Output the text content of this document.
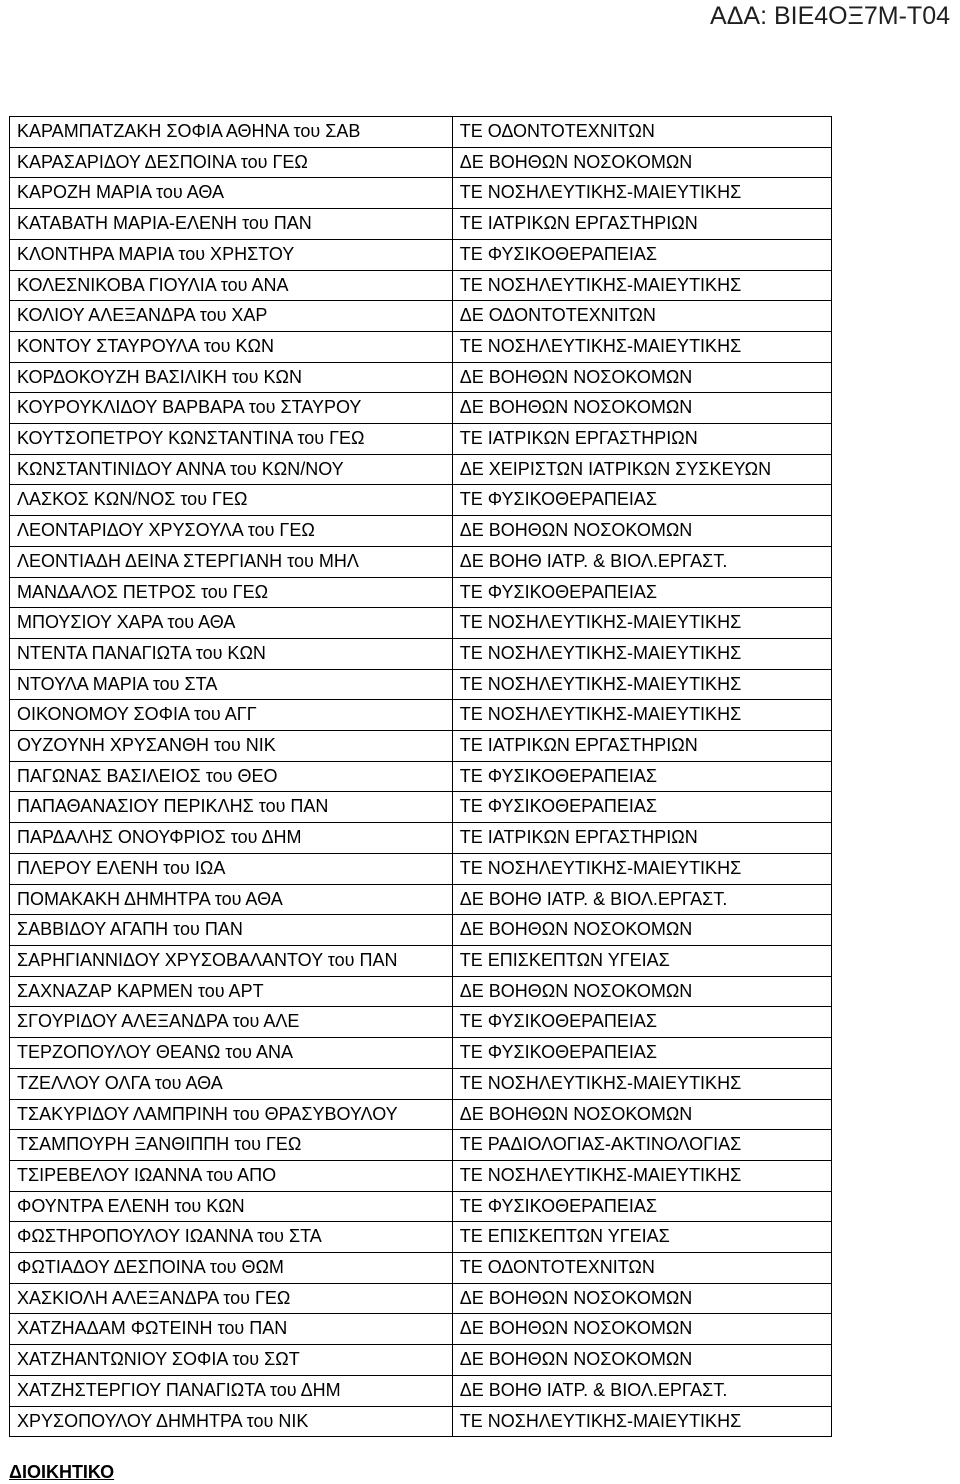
ΑΔΑ: ΒΙΕ4ΟΞ7Μ-Τ04
ΚΑΡΑΜΠΑΤΖΑΚΗ ΣΟΦΙΑ ΑΘΗΝΑ του ΣΑΒ	ΤΕ ΟΔΟΝΤΟΤΕΧΝΙΤΩΝ
ΚΑΡΑΣΑΡΙΔΟΥ ΔΕΣΠΟΙΝΑ του ΓΕΩ	ΔΕ ΒΟΗΘΩΝ ΝΟΣΟΚΟΜΩΝ
ΚΑΡΟΖΗ ΜΑΡΙΑ του ΑΘΑ	ΤΕ ΝΟΣΗΛΕΥΤΙΚΗΣ-ΜΑΙΕΥΤΙΚΗΣ
ΚΑΤΑΒΑΤΗ ΜΑΡΙΑ-ΕΛΕΝΗ του ΠΑΝ	ΤΕ ΙΑΤΡΙΚΩΝ ΕΡΓΑΣΤΗΡΙΩΝ
ΚΛΟΝΤΗΡΑ ΜΑΡΙΑ του ΧΡΗΣΤΟΥ	ΤΕ ΦΥΣΙΚΟΘΕΡΑΠΕΙΑΣ
ΚΟΛΕΣΝΙΚΟΒΑ ΓΙΟΥΛΙΑ του ΑΝΑ	ΤΕ ΝΟΣΗΛΕΥΤΙΚΗΣ-ΜΑΙΕΥΤΙΚΗΣ
ΚΟΛΙΟΥ ΑΛΕΞΑΝΔΡΑ του ΧΑΡ	ΔΕ ΟΔΟΝΤΟΤΕΧΝΙΤΩΝ
ΚΟΝΤΟΥ ΣΤΑΥΡΟΥΛΑ του ΚΩΝ	ΤΕ ΝΟΣΗΛΕΥΤΙΚΗΣ-ΜΑΙΕΥΤΙΚΗΣ
ΚΟΡΔΟΚΟΥΖΗ ΒΑΣΙΛΙΚΗ του ΚΩΝ	ΔΕ ΒΟΗΘΩΝ ΝΟΣΟΚΟΜΩΝ
ΚΟΥΡΟΥΚΛΙΔΟΥ ΒΑΡΒΑΡΑ του ΣΤΑΥΡΟΥ	ΔΕ ΒΟΗΘΩΝ ΝΟΣΟΚΟΜΩΝ
ΚΟΥΤΣΟΠΕΤΡΟΥ ΚΩΝΣΤΑΝΤΙΝΑ του ΓΕΩ	ΤΕ ΙΑΤΡΙΚΩΝ ΕΡΓΑΣΤΗΡΙΩΝ
ΚΩΝΣΤΑΝΤΙΝΙΔΟΥ ΑΝΝΑ του ΚΩΝ/ΝΟΥ	ΔΕ ΧΕΙΡΙΣΤΩΝ ΙΑΤΡΙΚΩΝ ΣΥΣΚΕΥΩΝ
ΛΑΣΚΟΣ ΚΩΝ/ΝΟΣ του ΓΕΩ	ΤΕ ΦΥΣΙΚΟΘΕΡΑΠΕΙΑΣ
ΛΕΟΝΤΑΡΙΔΟΥ ΧΡΥΣΟΥΛΑ του ΓΕΩ	ΔΕ ΒΟΗΘΩΝ ΝΟΣΟΚΟΜΩΝ
ΛΕΟΝΤΙΑΔΗ ΔΕΙΝΑ ΣΤΕΡΓΙΑΝΗ του ΜΗΛ	ΔΕ ΒΟΗΘ ΙΑΤΡ. & ΒΙΟΛ.ΕΡΓΑΣΤ.
ΜΑΝΔΑΛΟΣ ΠΕΤΡΟΣ του ΓΕΩ	ΤΕ ΦΥΣΙΚΟΘΕΡΑΠΕΙΑΣ
ΜΠΟΥΣΙΟΥ ΧΑΡΑ του ΑΘΑ	ΤΕ ΝΟΣΗΛΕΥΤΙΚΗΣ-ΜΑΙΕΥΤΙΚΗΣ
ΝΤΕΝΤΑ ΠΑΝΑΓΙΩΤΑ του ΚΩΝ	ΤΕ ΝΟΣΗΛΕΥΤΙΚΗΣ-ΜΑΙΕΥΤΙΚΗΣ
ΝΤΟΥΛΑ ΜΑΡΙΑ του ΣΤΑ	ΤΕ ΝΟΣΗΛΕΥΤΙΚΗΣ-ΜΑΙΕΥΤΙΚΗΣ
ΟΙΚΟΝΟΜΟΥ ΣΟΦΙΑ του ΑΓΓ	ΤΕ ΝΟΣΗΛΕΥΤΙΚΗΣ-ΜΑΙΕΥΤΙΚΗΣ
ΟΥΖΟΥΝΗ ΧΡΥΣΑΝΘΗ του ΝΙΚ	ΤΕ ΙΑΤΡΙΚΩΝ ΕΡΓΑΣΤΗΡΙΩΝ
ΠΑΓΩΝΑΣ ΒΑΣΙΛΕΙΟΣ του ΘΕΟ	ΤΕ ΦΥΣΙΚΟΘΕΡΑΠΕΙΑΣ
ΠΑΠΑΘΑΝΑΣΙΟΥ ΠΕΡΙΚΛΗΣ του ΠΑΝ	ΤΕ ΦΥΣΙΚΟΘΕΡΑΠΕΙΑΣ
ΠΑΡΔΑΛΗΣ ΟΝΟΥΦΡΙΟΣ του ΔΗΜ	ΤΕ ΙΑΤΡΙΚΩΝ ΕΡΓΑΣΤΗΡΙΩΝ
ΠΛΕΡΟΥ ΕΛΕΝΗ του ΙΩΑ	ΤΕ ΝΟΣΗΛΕΥΤΙΚΗΣ-ΜΑΙΕΥΤΙΚΗΣ
ΠΟΜΑΚΑΚΗ ΔΗΜΗΤΡΑ του ΑΘΑ	ΔΕ ΒΟΗΘ ΙΑΤΡ. & ΒΙΟΛ.ΕΡΓΑΣΤ.
ΣΑΒΒΙΔΟΥ ΑΓΑΠΗ του ΠΑΝ	ΔΕ ΒΟΗΘΩΝ ΝΟΣΟΚΟΜΩΝ
ΣΑΡΗΓΙΑΝΝΙΔΟΥ ΧΡΥΣΟΒΑΛΑΝΤΟΥ του ΠΑΝ	ΤΕ ΕΠΙΣΚΕΠΤΩΝ ΥΓΕΙΑΣ
ΣΑΧΝΑΖΑΡ ΚΑΡΜΕΝ του ΑΡΤ	ΔΕ ΒΟΗΘΩΝ ΝΟΣΟΚΟΜΩΝ
ΣΓΟΥΡΙΔΟΥ ΑΛΕΞΑΝΔΡΑ του ΑΛΕ	ΤΕ ΦΥΣΙΚΟΘΕΡΑΠΕΙΑΣ
ΤΕΡΖΟΠΟΥΛΟΥ ΘΕΑΝΩ του ΑΝΑ	ΤΕ ΦΥΣΙΚΟΘΕΡΑΠΕΙΑΣ
ΤΖΕΛΛΟΥ ΟΛΓΑ του ΑΘΑ	ΤΕ ΝΟΣΗΛΕΥΤΙΚΗΣ-ΜΑΙΕΥΤΙΚΗΣ
ΤΣΑΚΥΡΙΔΟΥ ΛΑΜΠΡΙΝΗ του ΘΡΑΣΥΒΟΥΛΟΥ	ΔΕ ΒΟΗΘΩΝ ΝΟΣΟΚΟΜΩΝ
ΤΣΑΜΠΟΥΡΗ ΞΑΝΘΙΠΠΗ του ΓΕΩ	ΤΕ ΡΑΔΙΟΛΟΓΙΑΣ-ΑΚΤΙΝΟΛΟΓΙΑΣ
ΤΣΙΡΕΒΕΛΟΥ ΙΩΑΝΝΑ του ΑΠΟ	ΤΕ ΝΟΣΗΛΕΥΤΙΚΗΣ-ΜΑΙΕΥΤΙΚΗΣ
ΦΟΥΝΤΡΑ ΕΛΕΝΗ του ΚΩΝ	ΤΕ ΦΥΣΙΚΟΘΕΡΑΠΕΙΑΣ
ΦΩΣΤΗΡΟΠΟΥΛΟΥ ΙΩΑΝΝΑ του ΣΤΑ	ΤΕ ΕΠΙΣΚΕΠΤΩΝ ΥΓΕΙΑΣ
ΦΩΤΙΑΔΟΥ ΔΕΣΠΟΙΝΑ του ΘΩΜ	ΤΕ ΟΔΟΝΤΟΤΕΧΝΙΤΩΝ
ΧΑΣΚΙΟΛΗ ΑΛΕΞΑΝΔΡΑ του ΓΕΩ	ΔΕ ΒΟΗΘΩΝ ΝΟΣΟΚΟΜΩΝ
ΧΑΤΖΗΑΔΑΜ ΦΩΤΕΙΝΗ του ΠΑΝ	ΔΕ ΒΟΗΘΩΝ ΝΟΣΟΚΟΜΩΝ
ΧΑΤΖΗΑΝΤΩΝΙΟΥ ΣΟΦΙΑ του ΣΩΤ	ΔΕ ΒΟΗΘΩΝ ΝΟΣΟΚΟΜΩΝ
ΧΑΤΖΗΣΤΕΡΓΙΟΥ ΠΑΝΑΓΙΩΤΑ του ΔΗΜ	ΔΕ ΒΟΗΘ ΙΑΤΡ. & ΒΙΟΛ.ΕΡΓΑΣΤ.
ΧΡΥΣΟΠΟΥΛΟΥ ΔΗΜΗΤΡΑ του ΝΙΚ	ΤΕ ΝΟΣΗΛΕΥΤΙΚΗΣ-ΜΑΙΕΥΤΙΚΗΣ
ΔΙΟΙΚΗΤΙΚΟ
